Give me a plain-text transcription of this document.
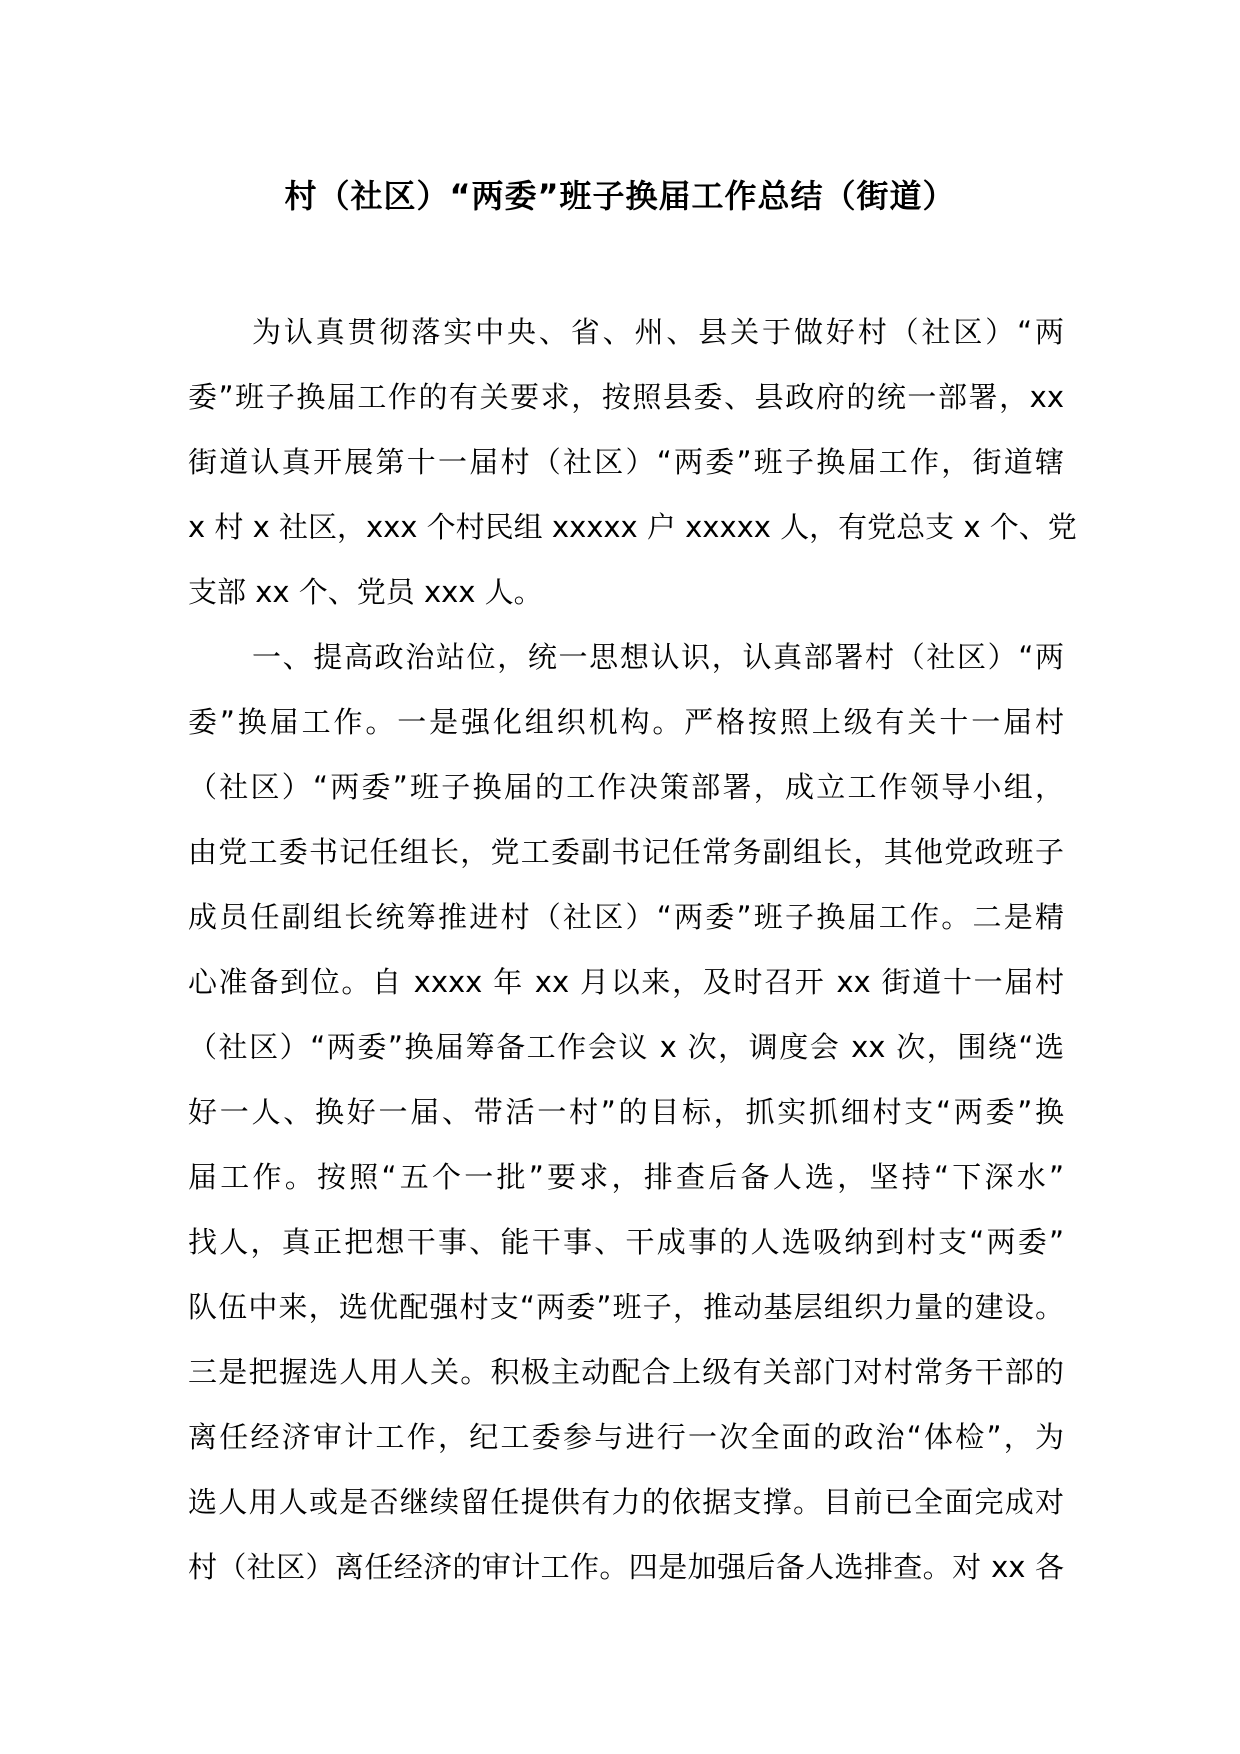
村（社区）“两委”班子换届工作总结（街道）
为认真贯彻落实中央、省、州、县关于做好村（社区）“两
委”班子换届工作的有关要求，按照县委、县政府的统一部署，xx
街道认真开展第十一届村（社区）“两委”班子换届工作，街道辖
x 村 x 社区，xxx 个村民组 xxxxx 户 xxxxx 人，有党总支 x 个、党
支部 xx 个、党员 xxx 人。
一、提高政治站位，统一思想认识，认真部署村（社区）“两
委”换届工作。一是强化组织机构。严格按照上级有关十一届村
（社区）“两委”班子换届的工作决策部署，成立工作领导小组，
由党工委书记任组长，党工委副书记任常务副组长，其他党政班子
成员任副组长统筹推进村（社区）“两委”班子换届工作。二是精
心准备到位。自 xxxx 年 xx 月以来，及时召开 xx 街道十一届村
（社区）“两委”换届筹备工作会议 x 次，调度会 xx 次，围绕“选
好一人、换好一届、带活一村”的目标，抓实抓细村支“两委”换
届工作。按照“五个一批”要求，排查后备人选，坚持“下深水”
找人，真正把想干事、能干事、干成事的人选吸纳到村支“两委”
队伍中来，选优配强村支“两委”班子，推动基层组织力量的建设。
三是把握选人用人关。积极主动配合上级有关部门对村常务干部的
离任经济审计工作，纪工委参与进行一次全面的政治“体检”，为
选人用人或是否继续留任提供有力的依据支撑。目前已全面完成对
村（社区）离任经济的审计工作。四是加强后备人选排查。对 xx 各
